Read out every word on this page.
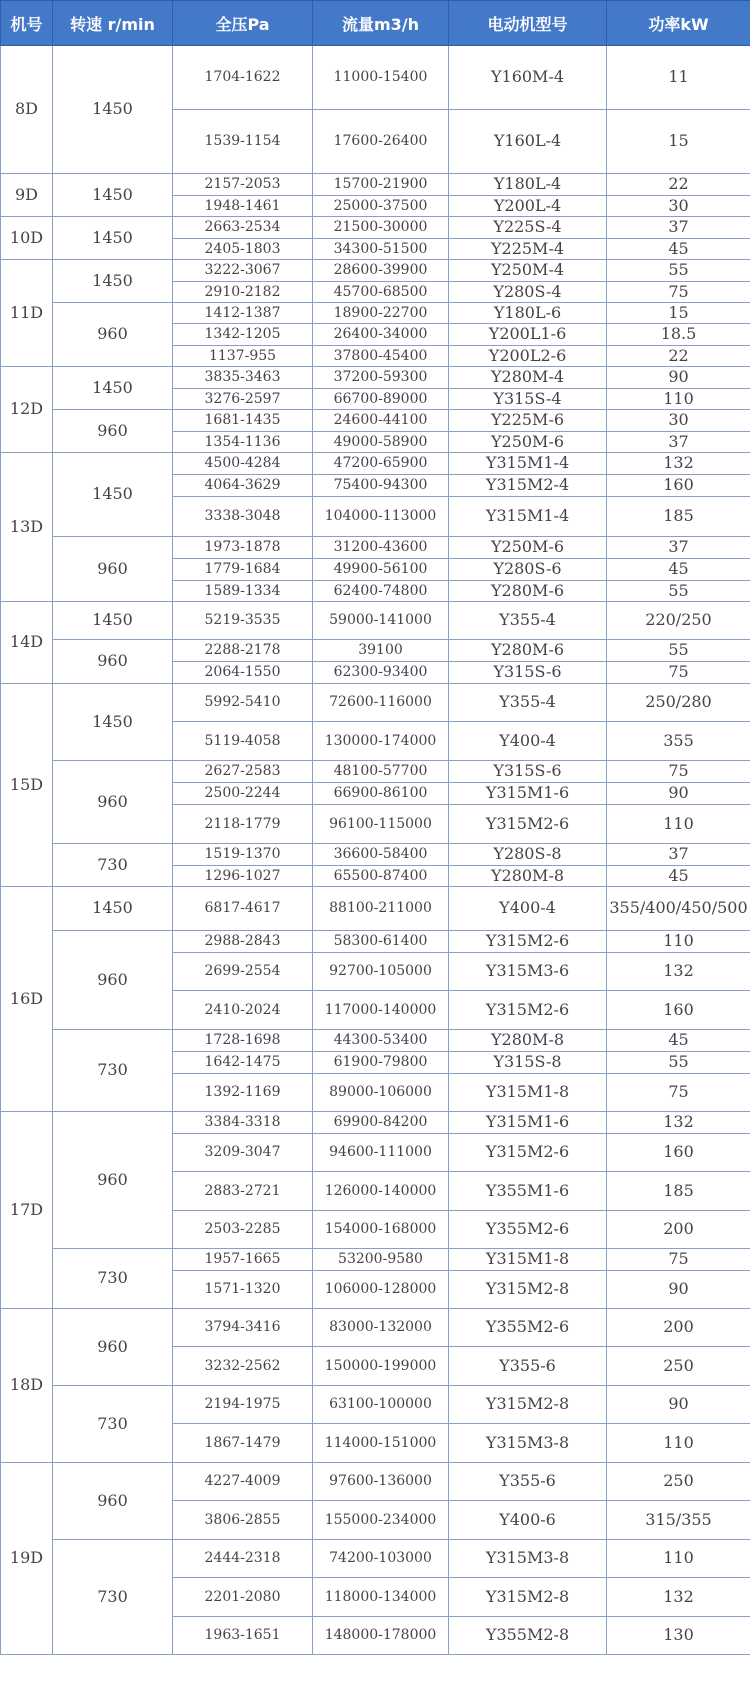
机号	转速 r/min	全压Pa	流量m3/h	电动机型号	功率kW
8D	1450	1704-1622	11000-15400	Y160M-4	11
		1539-1154	17600-26400	Y160L-4	15
9D	1450	2157-2053	15700-21900	Y180L-4	22
		1948-1461	25000-37500	Y200L-4	30
10D	1450	2663-2534	21500-30000	Y225S-4	37
		2405-1803	34300-51500	Y225M-4	45
11D	1450	3222-3067	28600-39900	Y250M-4	55
		2910-2182	45700-68500	Y280S-4	75
	960	1412-1387	18900-22700	Y180L-6	15
		1342-1205	26400-34000	Y200L1-6	18.5
		1137-955	37800-45400	Y200L2-6	22
12D	1450	3835-3463	37200-59300	Y280M-4	90
		3276-2597	66700-89000	Y315S-4	110
	960	1681-1435	24600-44100	Y225M-6	30
		1354-1136	49000-58900	Y250M-6	37
13D	1450	4500-4284	47200-65900	Y315M1-4	132
		4064-3629	75400-94300	Y315M2-4	160
		3338-3048	104000-113000	Y315M1-4	185
	960	1973-1878	31200-43600	Y250M-6	37
		1779-1684	49900-56100	Y280S-6	45
		1589-1334	62400-74800	Y280M-6	55
14D	1450	5219-3535	59000-141000	Y355-4	220/250
	960	2288-2178	39100	Y280M-6	55
		2064-1550	62300-93400	Y315S-6	75
15D	1450	5992-5410	72600-116000	Y355-4	250/280
		5119-4058	130000-174000	Y400-4	355
	960	2627-2583	48100-57700	Y315S-6	75
		2500-2244	66900-86100	Y315M1-6	90
		2118-1779	96100-115000	Y315M2-6	110
	730	1519-1370	36600-58400	Y280S-8	37
		1296-1027	65500-87400	Y280M-8	45
16D	1450	6817-4617	88100-211000	Y400-4	355/400/450/500
	960	2988-2843	58300-61400	Y315M2-6	110
		2699-2554	92700-105000	Y315M3-6	132
		2410-2024	117000-140000	Y315M2-6	160
	730	1728-1698	44300-53400	Y280M-8	45
		1642-1475	61900-79800	Y315S-8	55
		1392-1169	89000-106000	Y315M1-8	75
17D	960	3384-3318	69900-84200	Y315M1-6	132
		3209-3047	94600-111000	Y315M2-6	160
		2883-2721	126000-140000	Y355M1-6	185
		2503-2285	154000-168000	Y355M2-6	200
	730	1957-1665	53200-9580	Y315M1-8	75
		1571-1320	106000-128000	Y315M2-8	90
18D	960	3794-3416	83000-132000	Y355M2-6	200
		3232-2562	150000-199000	Y355-6	250
	730	2194-1975	63100-100000	Y315M2-8	90
		1867-1479	114000-151000	Y315M3-8	110
19D	960	4227-4009	97600-136000	Y355-6	250
		3806-2855	155000-234000	Y400-6	315/355
	730	2444-2318	74200-103000	Y315M3-8	110
		2201-2080	118000-134000	Y315M2-8	132
		1963-1651	148000-178000	Y355M2-8	130
